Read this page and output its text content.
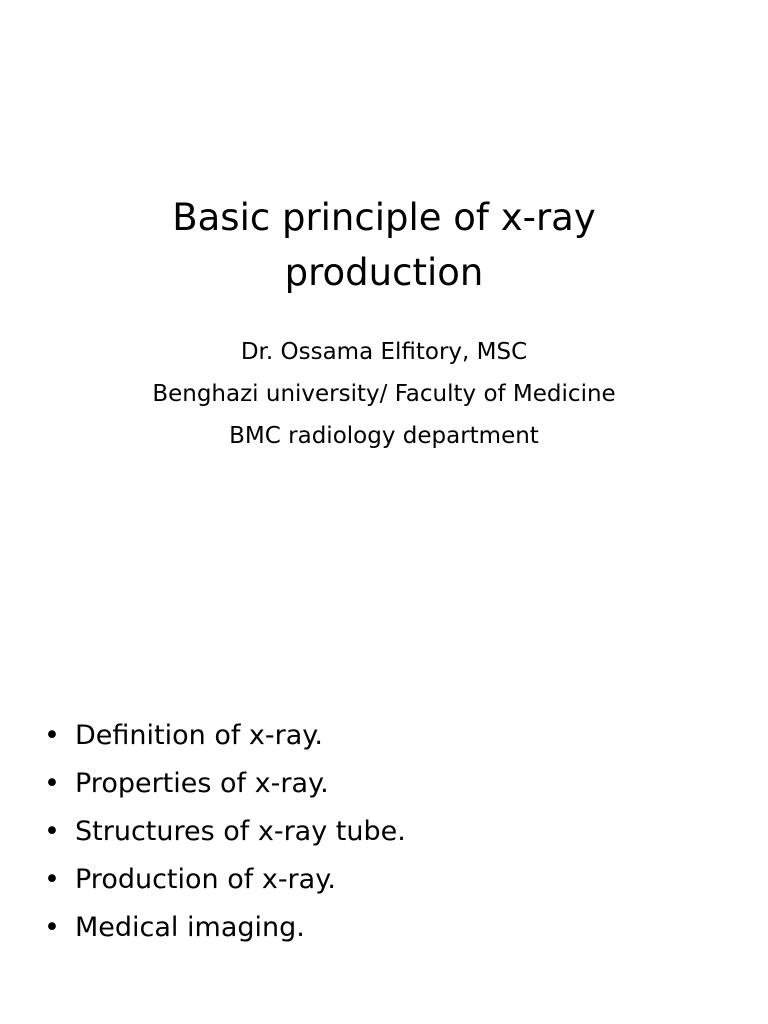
Basic principle of x-ray
production
Dr. Ossama Elfitory, MSC
Benghazi university/ Faculty of Medicine
BMC radiology department
• Definition of x-ray.
• Properties of x-ray.
• Structures of x-ray tube.
• Production of x-ray.
• Medical imaging.
